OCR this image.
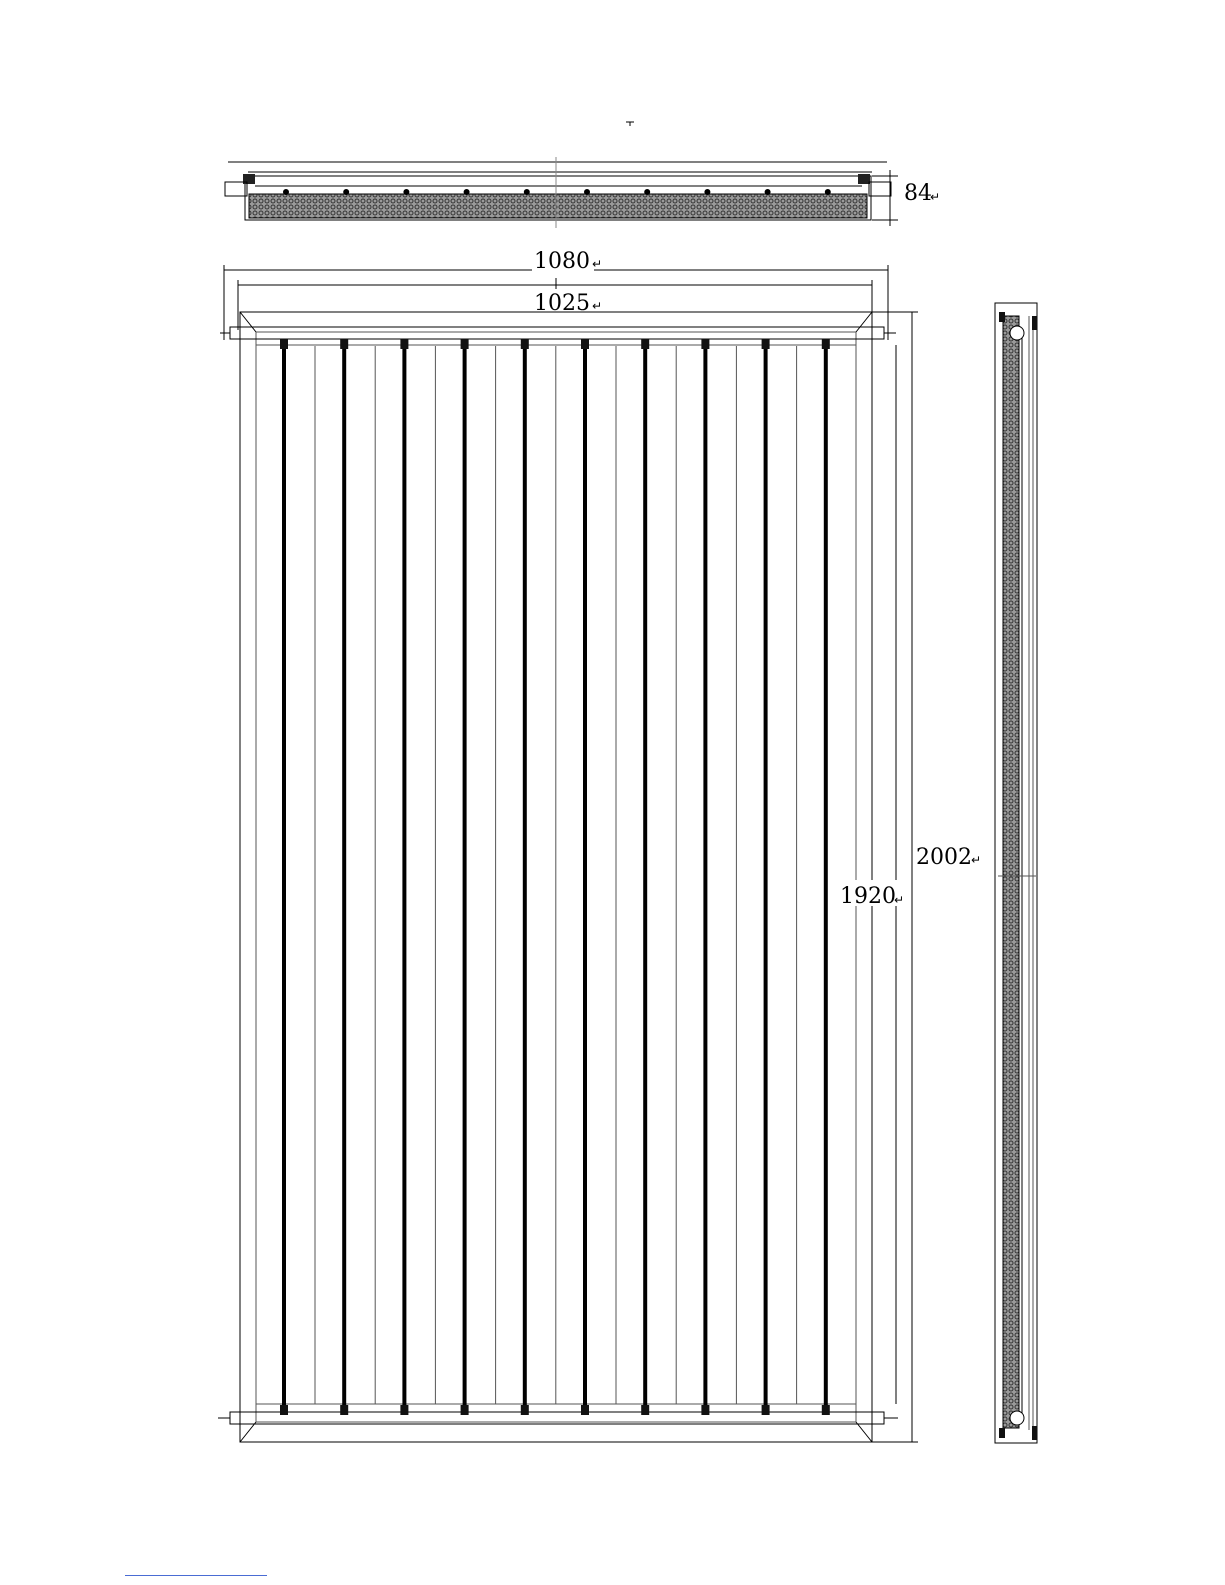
84
↵
1080 ↵
1025 ↵
2002 ↵
1920
↵
